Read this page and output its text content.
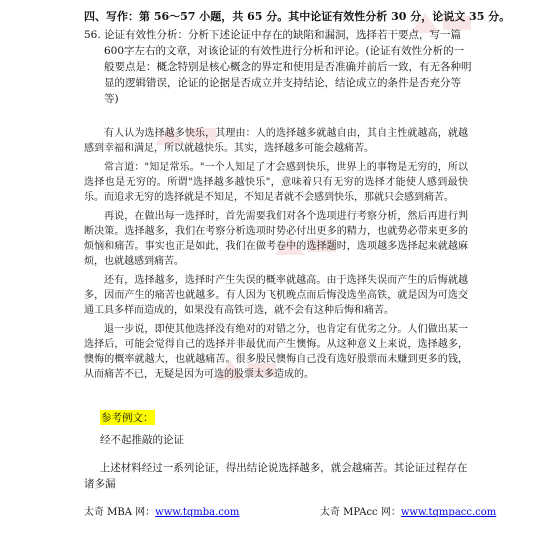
四、写作：第 56～57 小题，共 65 分。其中论证有效性分析 30 分，论说文 35 分。
56. 论证有效性分析：分析下述论证中存在的缺陷和漏洞，选择若干要点，写一篇600字左右的文章，对该论证的有效性进行分析和评论。(论证有效性分析的一般要点是：概念特别是核心概念的界定和使用是否准确并前后一致，有无各种明显的逻辑错误，论证的论据是否成立并支持结论，结论成立的条件是否充分等等)

有人认为选择越多快乐，其理由：人的选择越多就越自由，其自主性就越高，就越感到幸福和满足，所以就越快乐。其实，选择越多可能会越痛苦。

常言道："知足常乐。"一个人知足了才会感到快乐，世界上的事物是无穷的，所以选择也是无穷的。所谓"选择越多越快乐"，意味着只有无穷的选择才能使人感到最快乐。而追求无穷的选择就是不知足，不知足者就不会感到快乐，那就只会感到痛苦。

再说，在做出每一选择时，首先需要我们对各个选项进行考察分析，然后再进行判断决策。选择越多，我们在考察分析选项时势必付出更多的精力，也就势必带来更多的烦恼和痛苦。事实也正是如此，我们在做考卷中的选择题时，选项越多选择起来就越麻烦，也就越感到痛苦。

还有，选择越多，选择时产生失误的概率就越高。由于选择失误而产生的后悔就越多，因而产生的痛苦也就越多。有人因为飞机晚点而后悔没选坐高铁，就是因为可选交通工具多样而造成的，如果没有高铁可选，就不会有这种后悔和痛苦。

退一步说，即使其他选择没有绝对的对错之分，也肯定有优劣之分。人们做出某一选择后，可能会觉得自己的选择并非最优而产生懊悔。从这种意义上来说，选择越多，懊悔的概率就越大，也就越痛苦。很多股民懊悔自己没有选好股票而未赚到更多的钱，从而痛苦不已，无疑是因为可选的股票太多造成的。

参考例文：
经不起推敲的论证
上述材料经过一系列论证，得出结论说选择越多，就会越痛苦。其论证过程存在诸多漏
太奇 MBA 网：www.tqmba.com	太奇 MPAcc 网：www.tqmpacc.com
